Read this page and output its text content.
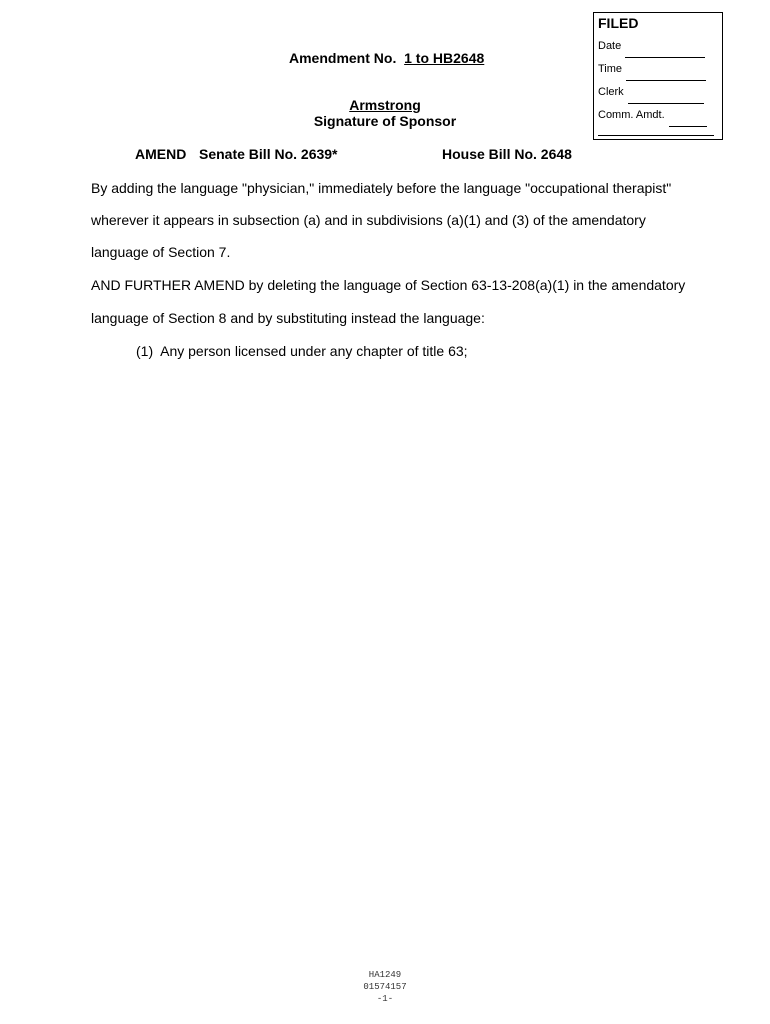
FILED
Date
Time
Clerk
Comm. Amdt.
Amendment No. 1 to HB2648
Armstrong
Signature of Sponsor
AMEND Senate Bill No. 2639*	House Bill No. 2648
By adding the language "physician," immediately before the language "occupational therapist"
wherever it appears in subsection (a) and in subdivisions (a)(1) and (3) of the amendatory
language of Section 7.
AND FURTHER AMEND by deleting the language of Section 63-13-208(a)(1) in the amendatory
language of Section 8 and by substituting instead the language:
(1)  Any person licensed under any chapter of title 63;
HA1249
01574157
-1-
